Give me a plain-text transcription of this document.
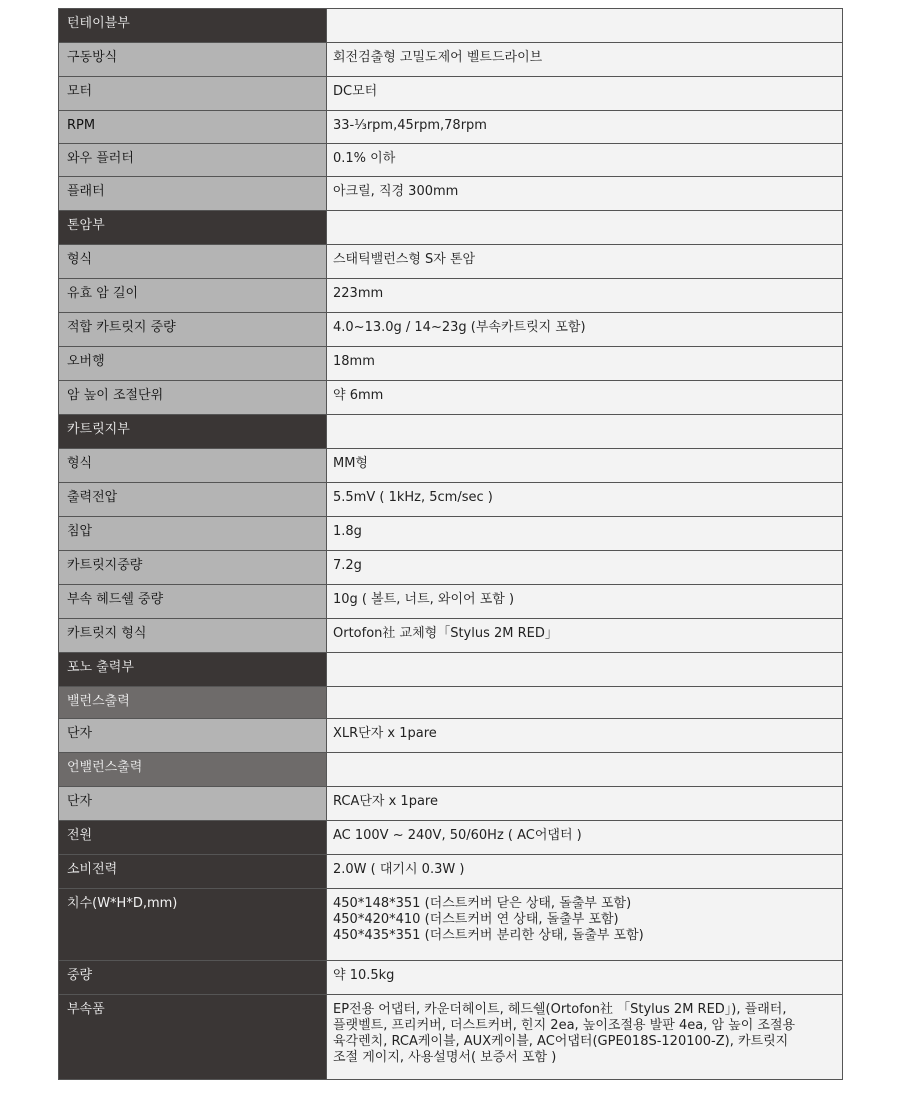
턴테이블부	
구동방식	회전검출형 고밀도제어 벨트드라이브
모터	DC모터
RPM	33-⅓rpm,45rpm,78rpm
와우 플러터	0.1% 이하
플래터	아크릴, 직경 300mm
톤암부	
형식	스태틱밸런스형 S자 톤암
유효 암 길이	223mm
적합 카트릿지 중량	4.0~13.0g / 14~23g (부속카트릿지 포함)
오버행	18mm
암 높이 조절단위	약 6mm
카트릿지부	
형식	MM형
출력전압	5.5mV ( 1kHz, 5cm/sec )
침압	1.8g
카트릿지중량	7.2g
부속 헤드쉘 중량	10g ( 볼트, 너트, 와이어 포함 )
카트릿지 형식	Ortofon社 교체형「Stylus 2M RED」
포노 출력부	
밸런스출력	
단자	XLR단자 x 1pare
언밸런스출력	
단자	RCA단자 x 1pare
전원	AC 100V ~ 240V, 50/60Hz ( AC어댑터 )
소비전력	2.0W ( 대기시 0.3W )
치수(W*H*D,mm)	450*148*351 (더스트커버 닫은 상태, 돌출부 포함)
450*420*410 (더스트커버 연 상태, 돌출부 포함)
450*435*351 (더스트커버 분리한 상태, 돌출부 포함)

중량	약 10.5kg
부속품	EP전용 어댑터, 카운더헤이트, 헤드쉘(Ortofon社 「Stylus 2M RED」), 플래터,
플랫벨트, 프리커버, 더스트커버, 힌지 2ea, 높이조절용 발판 4ea, 암 높이 조절용
육각렌치, RCA케이블, AUX케이블, AC어댑터(GPE018S-120100-Z), 카트릿지
조절 게이지, 사용설명서( 보증서 포함 )
